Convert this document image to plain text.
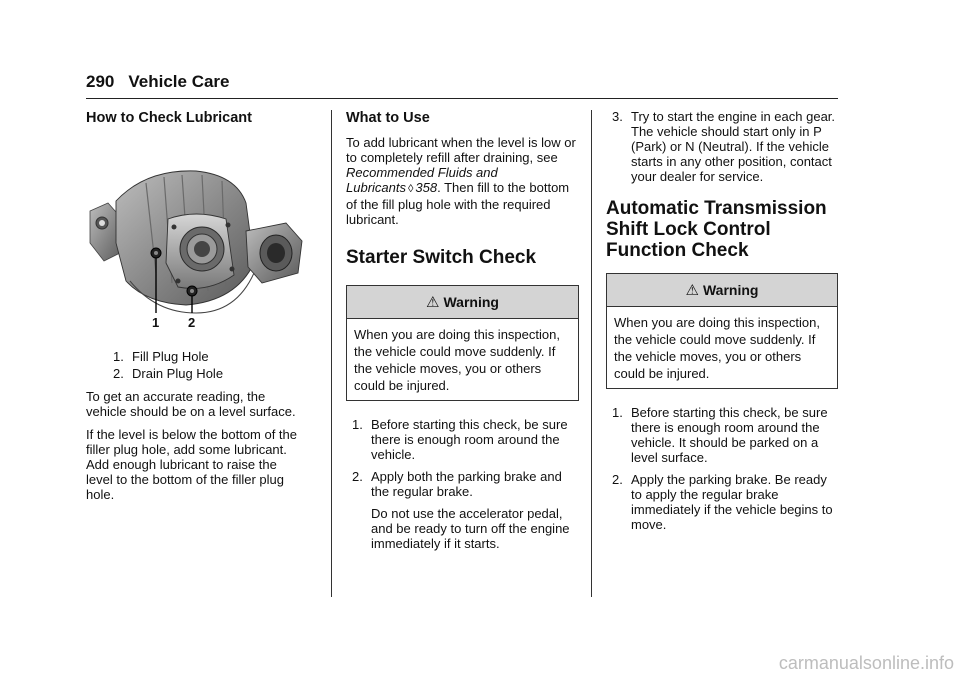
290 Vehicle Care
How to Check Lubricant
1 2
1. Fill Plug Hole
2. Drain Plug Hole

To get an accurate reading, the vehicle should be on a level surface.

If the level is below the bottom of the filler plug hole, add some lubricant. Add enough lubricant to raise the level to the bottom of the filler plug hole.

What to Use

To add lubricant when the level is low or to completely refill after draining, see Recommended Fluids and Lubricants ◊ 358. Then fill to the bottom of the fill plug hole with the required lubricant.

Starter Switch Check
⚠ Warning
When you are doing this inspection, the vehicle could move suddenly. If the vehicle moves, you or others could be injured.
1. Before starting this check, be sure there is enough room around the vehicle.
2. Apply both the parking brake and the regular brake.

Do not use the accelerator pedal, and be ready to turn off the engine immediately if it starts.

3. Try to start the engine in each gear. The vehicle should start only in P (Park) or N (Neutral). If the vehicle starts in any other position, contact your dealer for service.
Automatic Transmission
Shift Lock Control
Function Check
⚠ Warning
When you are doing this inspection, the vehicle could move suddenly. If the vehicle moves, you or others could be injured.
1. Before starting this check, be sure there is enough room around the vehicle. It should be parked on a level surface.
2. Apply the parking brake. Be ready to apply the regular brake immediately if the vehicle begins to move.
carmanualsonline.info
